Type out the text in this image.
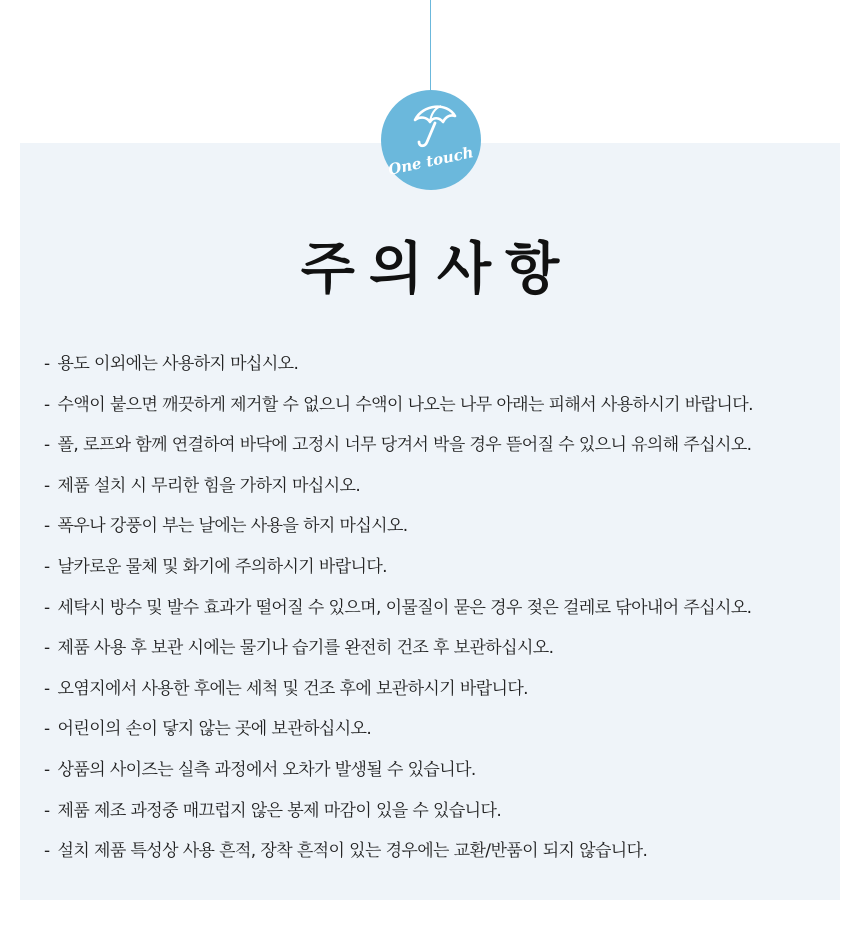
One touch
주의사항
- 용도 이외에는 사용하지 마십시오.
- 수액이 붙으면 깨끗하게 제거할 수 없으니 수액이 나오는 나무 아래는 피해서 사용하시기 바랍니다.
- 폴, 로프와 함께 연결하여 바닥에 고정시 너무 당겨서 박을 경우 뜯어질 수 있으니 유의해 주십시오.
- 제품 설치 시 무리한 힘을 가하지 마십시오.
- 폭우나 강풍이 부는 날에는 사용을 하지 마십시오.
- 날카로운 물체 및 화기에 주의하시기 바랍니다.
- 세탁시 방수 및 발수 효과가 떨어질 수 있으며, 이물질이 묻은 경우 젖은 걸레로 닦아내어 주십시오.
- 제품 사용 후 보관 시에는 물기나 습기를 완전히 건조 후 보관하십시오.
- 오염지에서 사용한 후에는 세척 및 건조 후에 보관하시기 바랍니다.
- 어린이의 손이 닿지 않는 곳에 보관하십시오.
- 상품의 사이즈는 실측 과정에서 오차가 발생될 수 있습니다.
- 제품 제조 과정중 매끄럽지 않은 봉제 마감이 있을 수 있습니다.
- 설치 제품 특성상 사용 흔적, 장착 흔적이 있는 경우에는 교환/반품이 되지 않습니다.
